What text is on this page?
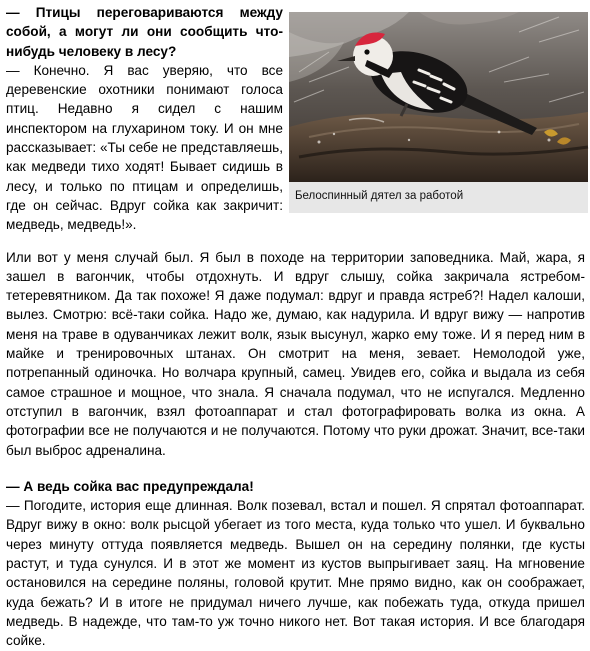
Белоспинный дятел за работой

— Птицы переговариваются между собой, а могут ли они сообщить что-нибудь человеку в лесу?

— Конечно. Я вас уверяю, что все деревенские охотники понимают голоса птиц. Недавно я сидел с нашим инспектором на глухарином току. И он мне рассказывает: «Ты себе не представляешь, как медведи тихо ходят! Бывает сидишь в лесу, и только по птицам и определишь, где он сейчас. Вдруг сойка как закричит: медведь, медведь!».

Или вот у меня случай был. Я был в походе на территории заповедника. Май, жара, я зашел в вагончик, чтобы отдохнуть. И вдруг слышу, сойка закричала ястребом-тетеревятником. Да так похоже! Я даже подумал: вдруг и правда ястреб?! Надел калоши, вылез. Смотрю: всё-таки сойка. Надо же, думаю, как надурила. И вдруг вижу — напротив меня на траве в одуванчиках лежит волк, язык высунул, жарко ему тоже. И я перед ним в майке и тренировочных штанах. Он смотрит на меня, зевает. Немолодой уже, потрепанный одиночка. Но волчара крупный, самец. Увидев его, сойка и выдала из себя самое страшное и мощное, что знала. Я сначала подумал, что не испугался. Медленно отступил в вагончик, взял фотоаппарат и стал фотографировать волка из окна. А фотографии все не получаются и не получаются. Потому что руки дрожат. Значит, все-таки был выброс адреналина.

— А ведь сойка вас предупреждала!

— Погодите, история еще длинная. Волк позевал, встал и пошел. Я спрятал фотоаппарат. Вдруг вижу в окно: волк рысцой убегает из того места, куда только что ушел. И буквально через минуту оттуда появляется медведь. Вышел он на середину полянки, где кусты растут, и туда сунулся. И в этот же момент из кустов выпрыгивает заяц. На мгновение остановился на середине поляны, головой крутит. Мне прямо видно, как он соображает, куда бежать? И в итоге не придумал ничего лучше, как побежать туда, откуда пришел медведь. В надежде, что там-то уж точно никого нет. Вот такая история. И все благодаря сойке.
